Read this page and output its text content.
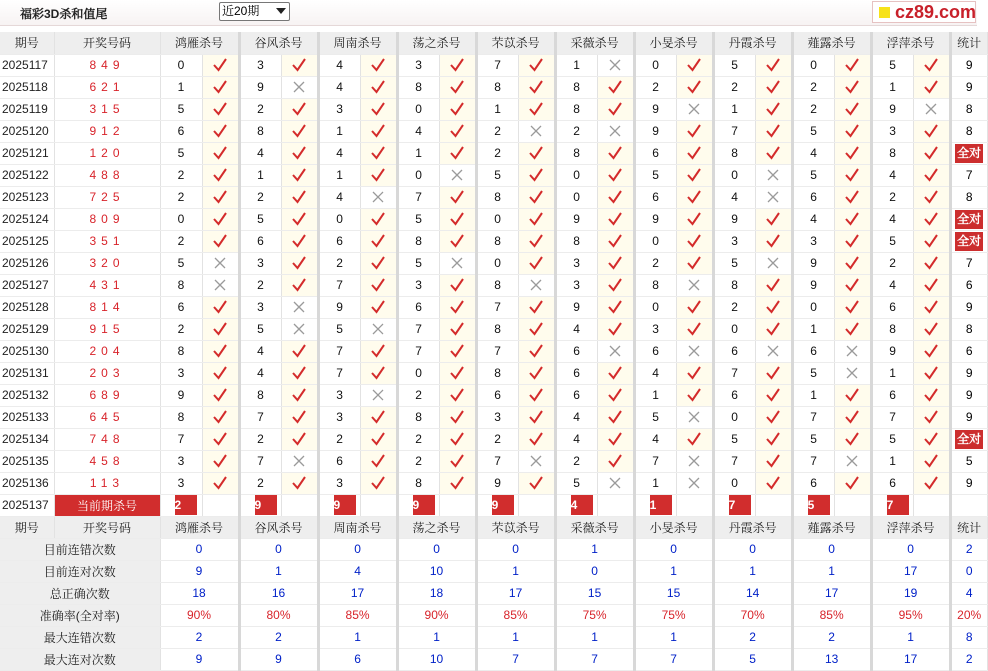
福彩3D杀和值尾	近20期	cz89.com
期号	开奖号码	鸿雁杀号		谷风杀号		周南杀号		荡之杀号		芣苡杀号		采薇杀号		小旻杀号		丹霞杀号		薤露杀号		浮萍杀号		统计
2025117	849	0		3		4		3		7		1		0		5		0		5		9
2025118	621	1		9		4		8		8		8		2		2		2		1		9
2025119	315	5		2		3		0		1		8		9		1		2		9		8
2025120	912	6		8		1		4		2		2		9		7		5		3		8
2025121	120	5		4		4		1		2		8		6		8		4		8		全对
2025122	488	2		1		1		0		5		0		5		0		5		4		7
2025123	725	2		2		4		7		8		0		6		4		6		2		8
2025124	809	0		5		0		5		0		9		9		9		4		4		全对
2025125	351	2		6		6		8		8		8		0		3		3		5		全对
2025126	320	5		3		2		5		0		3		2		5		9		2		7
2025127	431	8		2		7		3		8		3		8		8		9		4		6
2025128	814	6		3		9		6		7		9		0		2		0		6		9
2025129	915	2		5		5		7		8		4		3		0		1		8		8
2025130	204	8		4		7		7		7		6		6		6		6		9		6
2025131	203	3		4		7		0		8		6		4		7		5		1		9
2025132	689	9		8		3		2		6		6		1		6		1		6		9
2025133	645	8		7		3		8		3		4		5		0		7		7		9
2025134	748	7		2		2		2		2		4		4		5		5		5		全对
2025135	458	3		7		6		2		7		2		7		7		7		1		5
2025136	113	3		2		3		8		9		5		1		0		6		6		9
2025137	当前期杀号	2		9		9		9		9		4		1		7		5		7		
期号	开奖号码	鸿雁杀号		谷风杀号		周南杀号		荡之杀号		芣苡杀号		采薇杀号		小旻杀号		丹霞杀号		薤露杀号		浮萍杀号		统计
目前连错次数		0		0		0		0		0		1		0		0		0		0		2
目前连对次数		9		1		4		10		1		0		1		1		1		17		0
总正确次数		18		16		17		18		17		15		15		14		17		19		4
准确率(全对率)		90%		80%		85%		90%		85%		75%		75%		70%		85%		95%		20%
最大连错次数		2		2		1		1		1		1		1		2		2		1		8
最大连对次数		9		9		6		10		7		7		7		5		13		17		2
